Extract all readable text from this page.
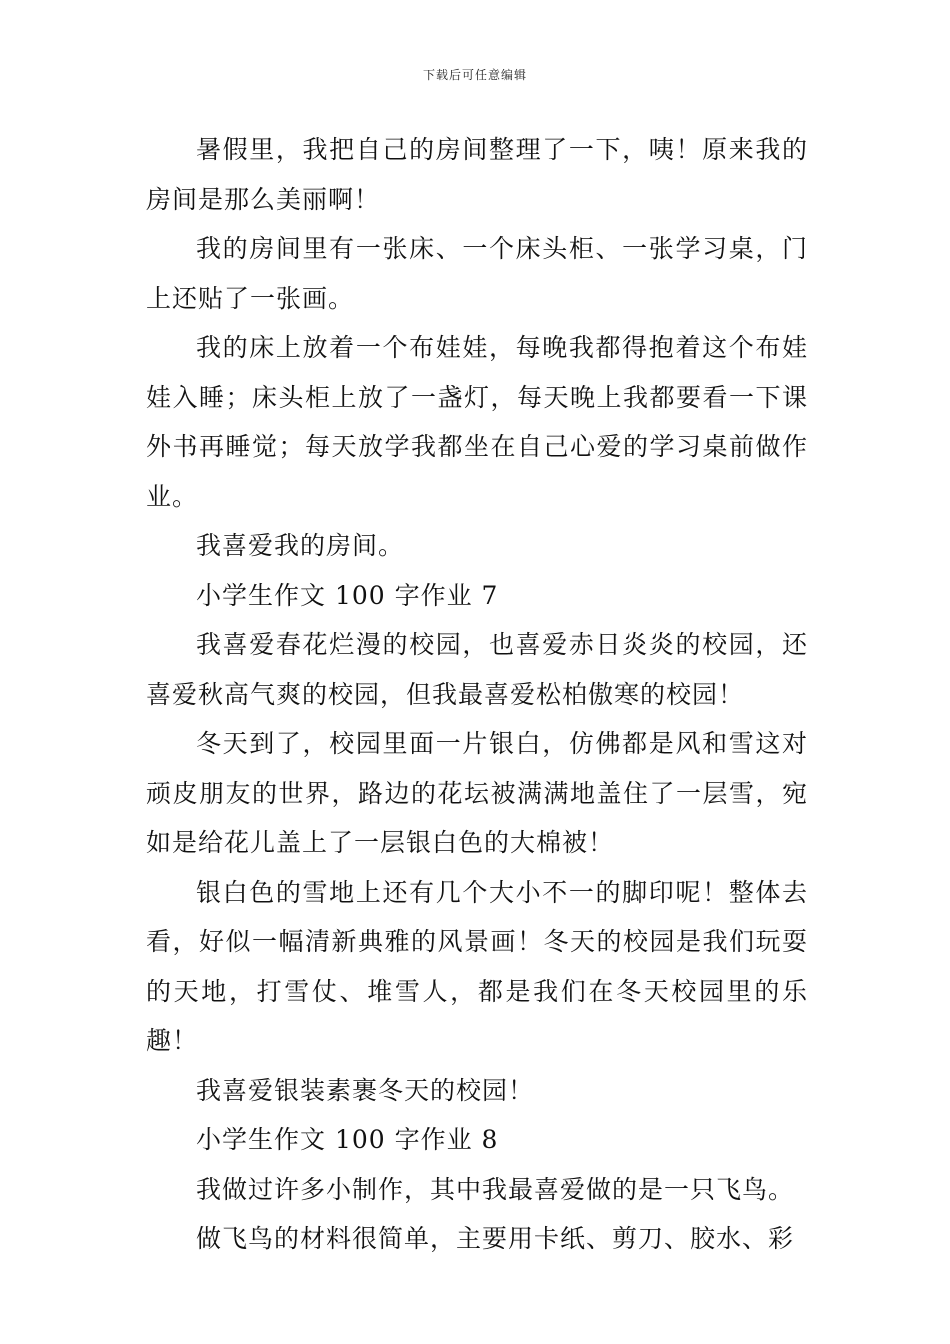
下载后可任意编辑

暑假里，我把自己的房间整理了一下，咦！原来我的房间是那么美丽啊！

我的房间里有一张床、一个床头柜、一张学习桌，门上还贴了一张画。

我的床上放着一个布娃娃，每晚我都得抱着这个布娃娃入睡；床头柜上放了一盏灯，每天晚上我都要看一下课外书再睡觉；每天放学我都坐在自己心爱的学习桌前做作业。

我喜爱我的房间。

小学生作文 100 字作业 7

我喜爱春花烂漫的校园，也喜爱赤日炎炎的校园，还喜爱秋高气爽的校园，但我最喜爱松柏傲寒的校园！

冬天到了，校园里面一片银白，仿佛都是风和雪这对顽皮朋友的世界，路边的花坛被满满地盖住了一层雪，宛如是给花儿盖上了一层银白色的大棉被！

银白色的雪地上还有几个大小不一的脚印呢！整体去看，好似一幅清新典雅的风景画！冬天的校园是我们玩耍的天地，打雪仗、堆雪人，都是我们在冬天校园里的乐趣！

我喜爱银装素裹冬天的校园！

小学生作文 100 字作业 8

我做过许多小制作，其中我最喜爱做的是一只飞鸟。

做飞鸟的材料很简单，主要用卡纸、剪刀、胶水、彩
